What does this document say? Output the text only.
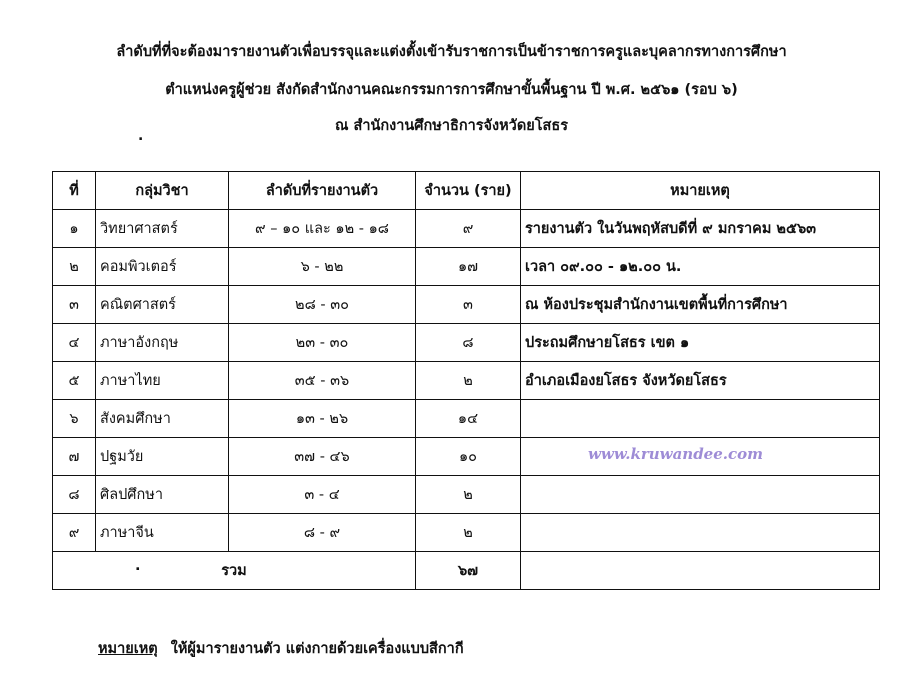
ลำดับที่ที่จะต้องมารายงานตัวเพื่อบรรจุและแต่งตั้งเข้ารับราชการเป็นข้าราชการครูและบุคลากรทางการศึกษา
ตำแหน่งครูผู้ช่วย สังกัดสำนักงานคณะกรรมการการศึกษาขั้นพื้นฐาน ปี พ.ศ. ๒๕๖๑ (รอบ ๖)
ณ สำนักงานศึกษาธิการจังหวัดยโสธร
.
ที่	กลุ่มวิชา	ลำดับที่รายงานตัว	จำนวน (ราย)	หมายเหตุ
๑	วิทยาศาสตร์	๙ – ๑๐ และ ๑๒ - ๑๘	๙	รายงานตัว ในวันพฤหัสบดีที่ ๙ มกราคม ๒๕๖๓
๒	คอมพิวเตอร์	๖ - ๒๒	๑๗	เวลา ๐๙.๐๐ - ๑๒.๐๐ น.
๓	คณิตศาสตร์	๒๘ - ๓๐	๓	ณ ห้องประชุมสำนักงานเขตพื้นที่การศึกษา
๔	ภาษาอังกฤษ	๒๓ - ๓๐	๘	ประถมศึกษายโสธร เขต ๑
๕	ภาษาไทย	๓๕ - ๓๖	๒	อำเภอเมืองยโสธร จังหวัดยโสธร
๖	สังคมศึกษา	๑๓ - ๒๖	๑๔	
๗	ปฐมวัย	๓๗ - ๔๖	๑๐	
๘	ศิลปศึกษา	๓ - ๔	๒	
๙	ภาษาจีน	๘ - ๙	๒	

. รวม			๖๗	
www.kruwandee.com
หมายเหตุ ให้ผู้มารายงานตัว แต่งกายด้วยเครื่องแบบสีกากี
